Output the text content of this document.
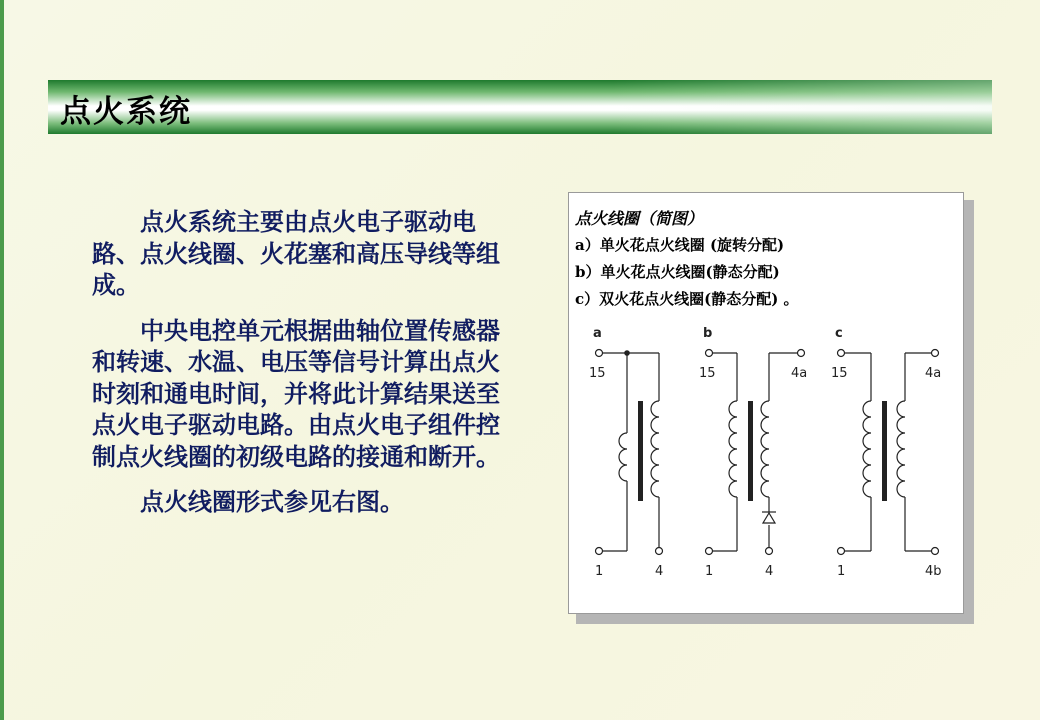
点火系统

点火系统主要由点火电子驱动电路、点火线圈、火花塞和高压导线等组成。

中央电控单元根据曲轴位置传感器和转速、水温、电压等信号计算出点火时刻和通电时间，并将此计算结果送至点火电子驱动电路。由点火电子组件控制点火线圈的初级电路的接通和断开。

点火线圈形式参见右图。

点火线圈（简图）
a）单火花点火线圈 (旋转分配)
b）单火花点火线圈(静态分配)
c）双火花点火线圈(静态分配) 。
a
15
1	4
b
15	4a
1	4
c
15	4a
1	4b
